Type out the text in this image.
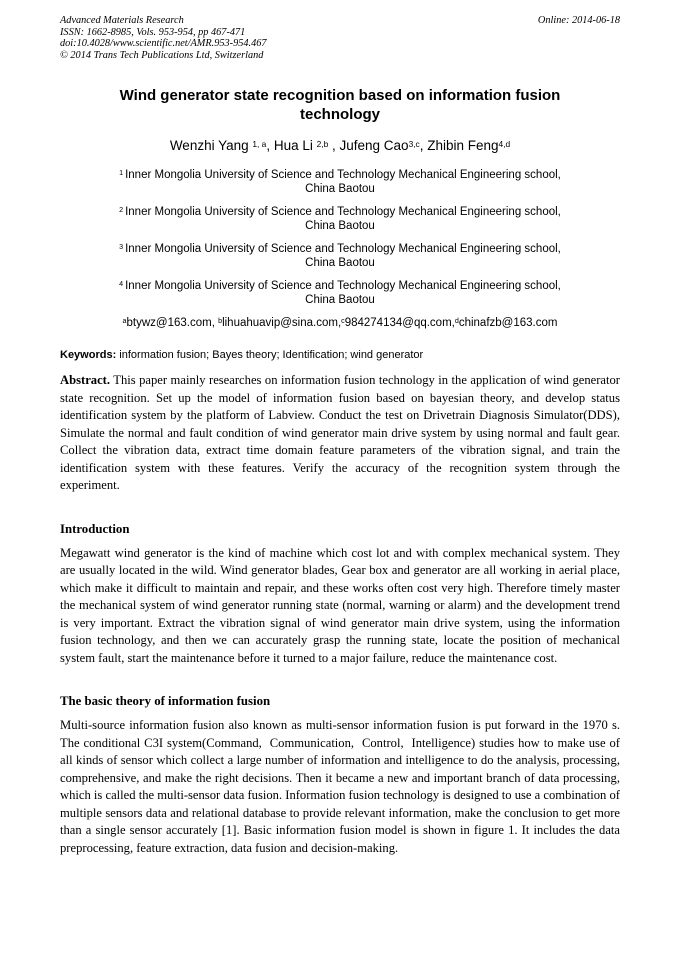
Advanced Materials Research
ISSN: 1662-8985, Vols. 953-954, pp 467-471
doi:10.4028/www.scientific.net/AMR.953-954.467
© 2014 Trans Tech Publications Ltd, Switzerland
Online: 2014-06-18
Wind generator state recognition based on information fusion technology
Wenzhi Yang $^{1, a}$, Hua Li $^{2,b}$ , Jufeng Cao$^{3,c}$, Zhibin Feng$^{4,d}$
$^1$ Inner Mongolia University of Science and Technology Mechanical Engineering school,
China Baotou
$^2$ Inner Mongolia University of Science and Technology Mechanical Engineering school,
China Baotou
$^3$ Inner Mongolia University of Science and Technology Mechanical Engineering school,
China Baotou
$^4$ Inner Mongolia University of Science and Technology Mechanical Engineering school,
China Baotou
$^a$btywz@163.com, $^b$lihuahuavip@sina.com,$^c$984274134@qq.com,$^d$chinafzb@163.com

Keywords: information fusion; Bayes theory; Identification; wind generator

Abstract. This paper mainly researches on information fusion technology in the application of wind generator state recognition. Set up the model of information fusion based on bayesian theory, and develop status identification system by the platform of Labview. Conduct the test on Drivetrain Diagnosis Simulator(DDS), Simulate the normal and fault condition of wind generator main drive system by using normal and fault gear. Collect the vibration data, extract time domain feature parameters of the vibration signal, and train the identification system with these features. Verify the accuracy of the recognition system through the experiment.

Introduction

Megawatt wind generator is the kind of machine which cost lot and with complex mechanical system. They are usually located in the wild. Wind generator blades, Gear box and generator are all working in aerial place, which make it difficult to maintain and repair, and these works often cost very high. Therefore timely master the mechanical system of wind generator running state (normal, warning or alarm) and the development trend is very important. Extract the vibration signal of wind generator main drive system, using the information fusion technology, and then we can accurately grasp the running state, locate the position of mechanical system fault, start the maintenance before it turned to a major failure, reduce the maintenance cost.

The basic theory of information fusion

Multi-source information fusion also known as multi-sensor information fusion is put forward in the 1970 s. The conditional C3I system(Command,  Communication,  Control,  Intelligence) studies how to make use of all kinds of sensor which collect a large number of information and intelligence to do the analysis, processing, comprehensive, and make the right decisions. Then it became a new and important branch of data processing, which is called the multi-sensor data fusion. Information fusion technology is designed to use a combination of multiple sensors data and relational database to provide relevant information, make the conclusion to get more than a single sensor accurately [1]. Basic information fusion model is shown in figure 1. It includes the data preprocessing, feature extraction, data fusion and decision-making.
